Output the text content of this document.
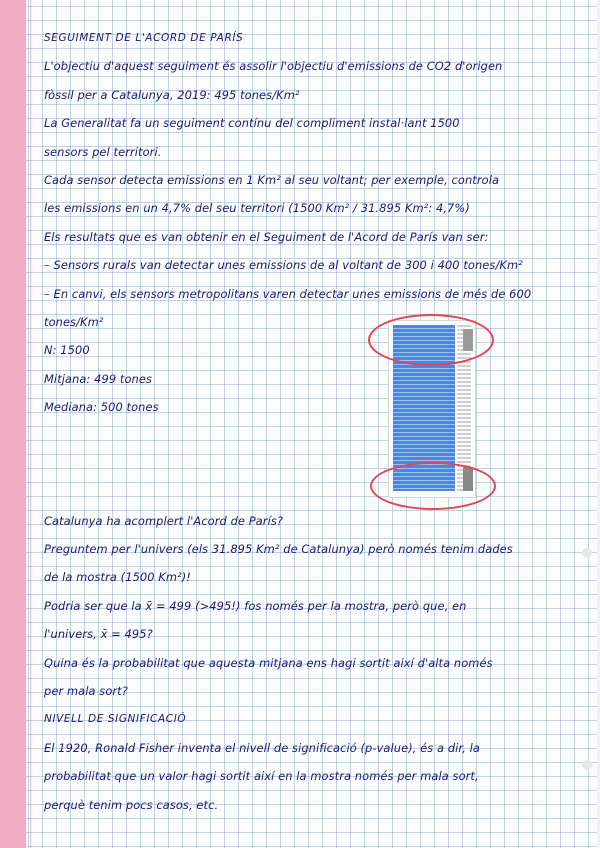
SEGUIMENT DE L'ACORD DE PARÍS
L'objectiu d'aquest seguiment és assolir l'objectiu d'emissions de CO2 d'origen
fòssil per a Catalunya, 2019: 495 tones/Km²
La Generalitat fa un seguiment contínu del compliment instal·lant 1500
sensors pel territori.
Cada sensor detecta emissions en 1 Km² al seu voltant; per exemple, controla
les emissions en un 4,7% del seu territori (1500 Km² / 31.895 Km²: 4,7%)
Els resultats que es van obtenir en el Seguiment de l'Acord de París van ser:
– Sensors rurals van detectar unes emissions de al voltant de 300 i 400 tones/Km²
– En canvi, els sensors metropolitans varen detectar unes emissions de més de 600
tones/Km²
N: 1500
Mitjana: 499 tones
Mediana: 500 tones
Catalunya ha acomplert l'Acord de París?
Preguntem per l'univers (els 31.895 Km² de Catalunya) però només tenim dades
de la mostra (1500 Km²)!
Podria ser que la x̄ = 499 (>495!) fos només per la mostra, però que, en
l'univers, x̄ = 495?
Quina és la probabilitat que aquesta mitjana ens hagi sortit així d'alta només
per mala sort?
NIVELL DE SIGNIFICACIÓ
El 1920, Ronald Fisher inventa el nivell de significació (p-value), és a dir, la
probabilitat que un valor hagi sortit així en la mostra només per mala sort,
perquè tenim pocs casos, etc.
